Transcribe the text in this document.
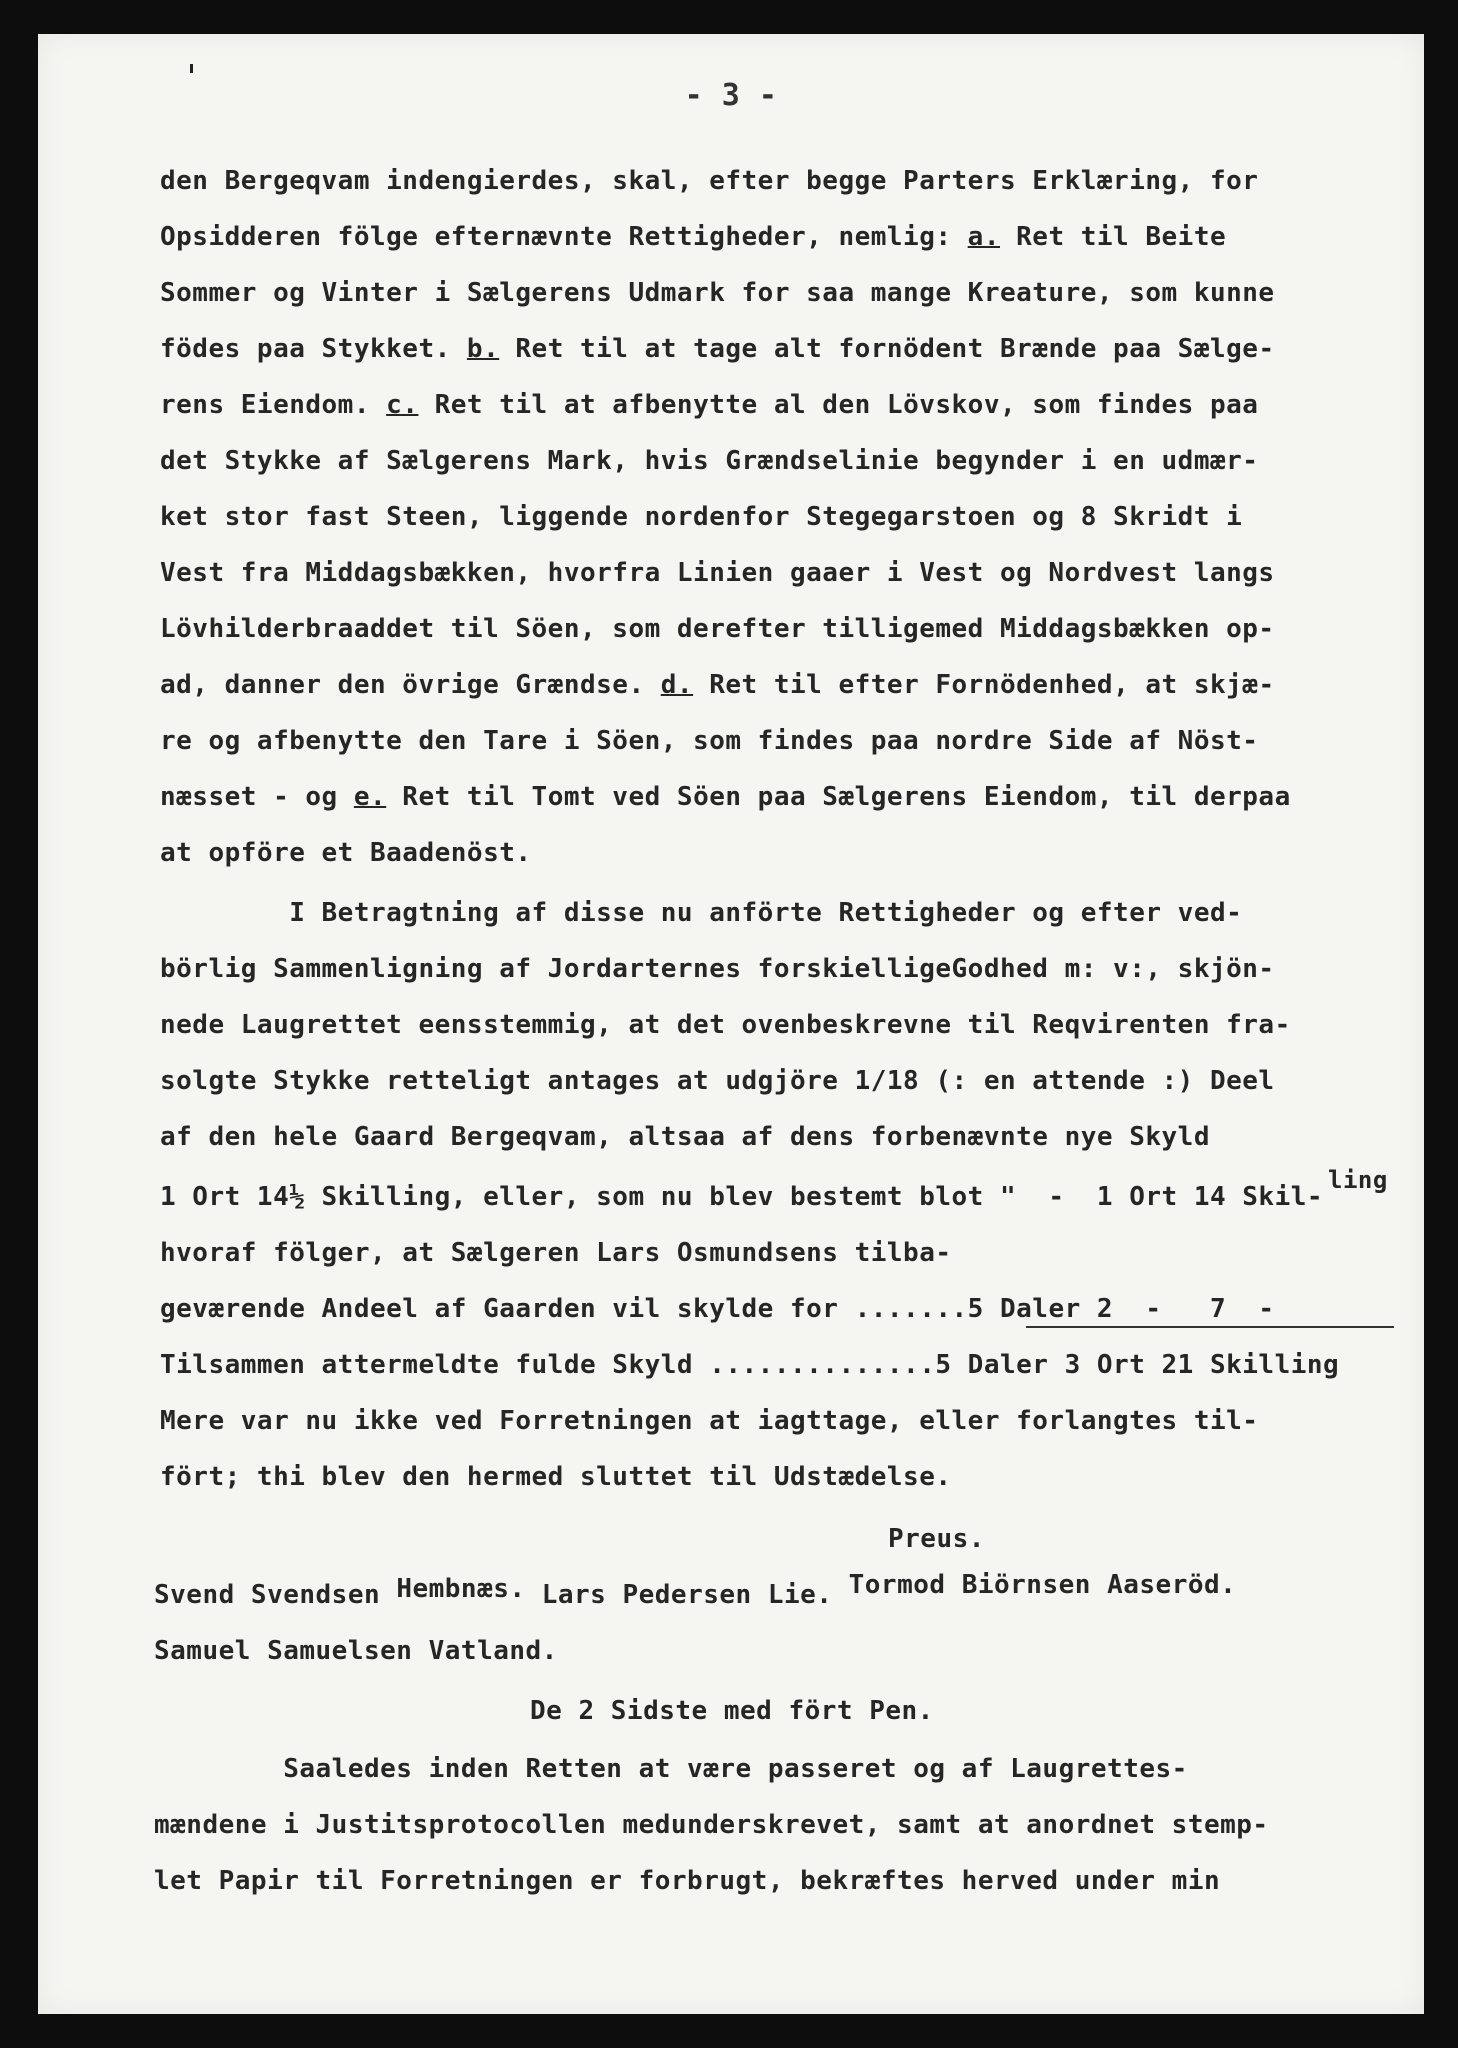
- 3 -

den Bergeqvam indengierdes, skal, efter begge Parters Erklæring, for

Opsidderen fölge efternævnte Rettigheder, nemlig: a. Ret til Beite

Sommer og Vinter i Sælgerens Udmark for saa mange Kreature, som kunne

födes paa Stykket. b. Ret til at tage alt fornödent Brænde paa Sælge-

rens Eiendom. c. Ret til at afbenytte al den Lövskov, som findes paa

det Stykke af Sælgerens Mark, hvis Grændselinie begynder i en udmær-

ket stor fast Steen, liggende nordenfor Stegegarstoen og 8 Skridt i

Vest fra Middagsbækken, hvorfra Linien gaaer i Vest og Nordvest langs

Lövhilderbraaddet til Söen, som derefter tilligemed Middagsbækken op-

ad, danner den övrige Grændse. d. Ret til efter Fornödenhed, at skjæ-

re og afbenytte den Tare i Söen, som findes paa nordre Side af Nöst-

næsset - og e. Ret til Tomt ved Söen paa Sælgerens Eiendom, til derpaa

at opföre et Baadenöst.

I Betragtning af disse nu anförte Rettigheder og efter ved-

börlig Sammenligning af Jordarternes forskielligeGodhed m: v:, skjön-

nede Laugrettet eensstemmig, at det ovenbeskrevne til Reqvirenten fra-

solgte Stykke retteligt antages at udgjöre 1/18 (: en attende :) Deel

af den hele Gaard Bergeqvam, altsaa af dens forbenævnte nye Skyld

ling

1 Ort 14½ Skilling, eller, som nu blev bestemt blot "  -  1 Ort 14 Skil-

hvoraf fölger, at Sælgeren Lars Osmundsens tilba-

geværende Andeel af Gaarden vil skylde for .......5 Daler 2  -   7  -

Tilsammen attermeldte fulde Skyld ..............5 Daler 3 Ort 21 Skilling

Mere var nu ikke ved Forretningen at iagttage, eller forlangtes til-

fört; thi blev den hermed sluttet til Udstædelse.

Preus.

Svend Svendsen Hembnæs. Lars Pedersen Lie. Tormod Biörnsen Aaseröd.

Samuel Samuelsen Vatland.

De 2 Sidste med fört Pen.

Saaledes inden Retten at være passeret og af Laugrettes-

mændene i Justitsprotocollen medunderskrevet, samt at anordnet stemp-

let Papir til Forretningen er forbrugt, bekræftes herved under min
